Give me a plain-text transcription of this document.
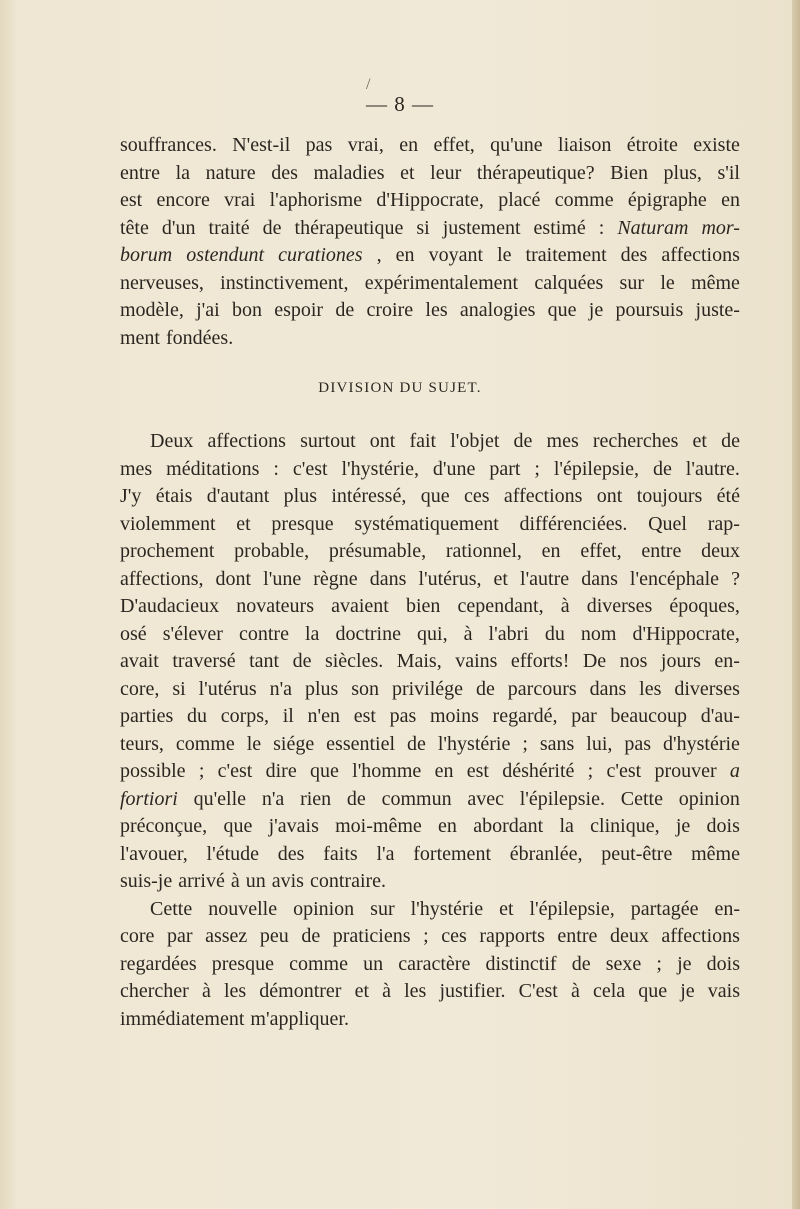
/
— 8 —
souffrances. N'est-il pas vrai, en effet, qu'une liaison étroite existe
entre la nature des maladies et leur thérapeutique? Bien plus, s'il
est encore vrai l'aphorisme d'Hippocrate, placé comme épigraphe en
tête d'un traité de thérapeutique si justement estimé : Naturam mor-
borum ostendunt curationes , en voyant le traitement des affections
nerveuses, instinctivement, expérimentalement calquées sur le même
modèle, j'ai bon espoir de croire les analogies que je poursuis juste-
ment fondées.
DIVISION DU SUJET.
Deux affections surtout ont fait l'objet de mes recherches et de
mes méditations : c'est l'hystérie, d'une part ; l'épilepsie, de l'autre.
J'y étais d'autant plus intéressé, que ces affections ont toujours été
violemment et presque systématiquement différenciées. Quel rap-
prochement probable, présumable, rationnel, en effet, entre deux
affections, dont l'une règne dans l'utérus, et l'autre dans l'encéphale ?
D'audacieux novateurs avaient bien cependant, à diverses époques,
osé s'élever contre la doctrine qui, à l'abri du nom d'Hippocrate,
avait traversé tant de siècles. Mais, vains efforts! De nos jours en-
core, si l'utérus n'a plus son privilége de parcours dans les diverses
parties du corps, il n'en est pas moins regardé, par beaucoup d'au-
teurs, comme le siége essentiel de l'hystérie ; sans lui, pas d'hystérie
possible ; c'est dire que l'homme en est déshérité ; c'est prouver a
fortiori qu'elle n'a rien de commun avec l'épilepsie. Cette opinion
préconçue, que j'avais moi-même en abordant la clinique, je dois
l'avouer, l'étude des faits l'a fortement ébranlée, peut-être même
suis-je arrivé à un avis contraire.
Cette nouvelle opinion sur l'hystérie et l'épilepsie, partagée en-
core par assez peu de praticiens ; ces rapports entre deux affections
regardées presque comme un caractère distinctif de sexe ; je dois
chercher à les démontrer et à les justifier. C'est à cela que je vais
immédiatement m'appliquer.
